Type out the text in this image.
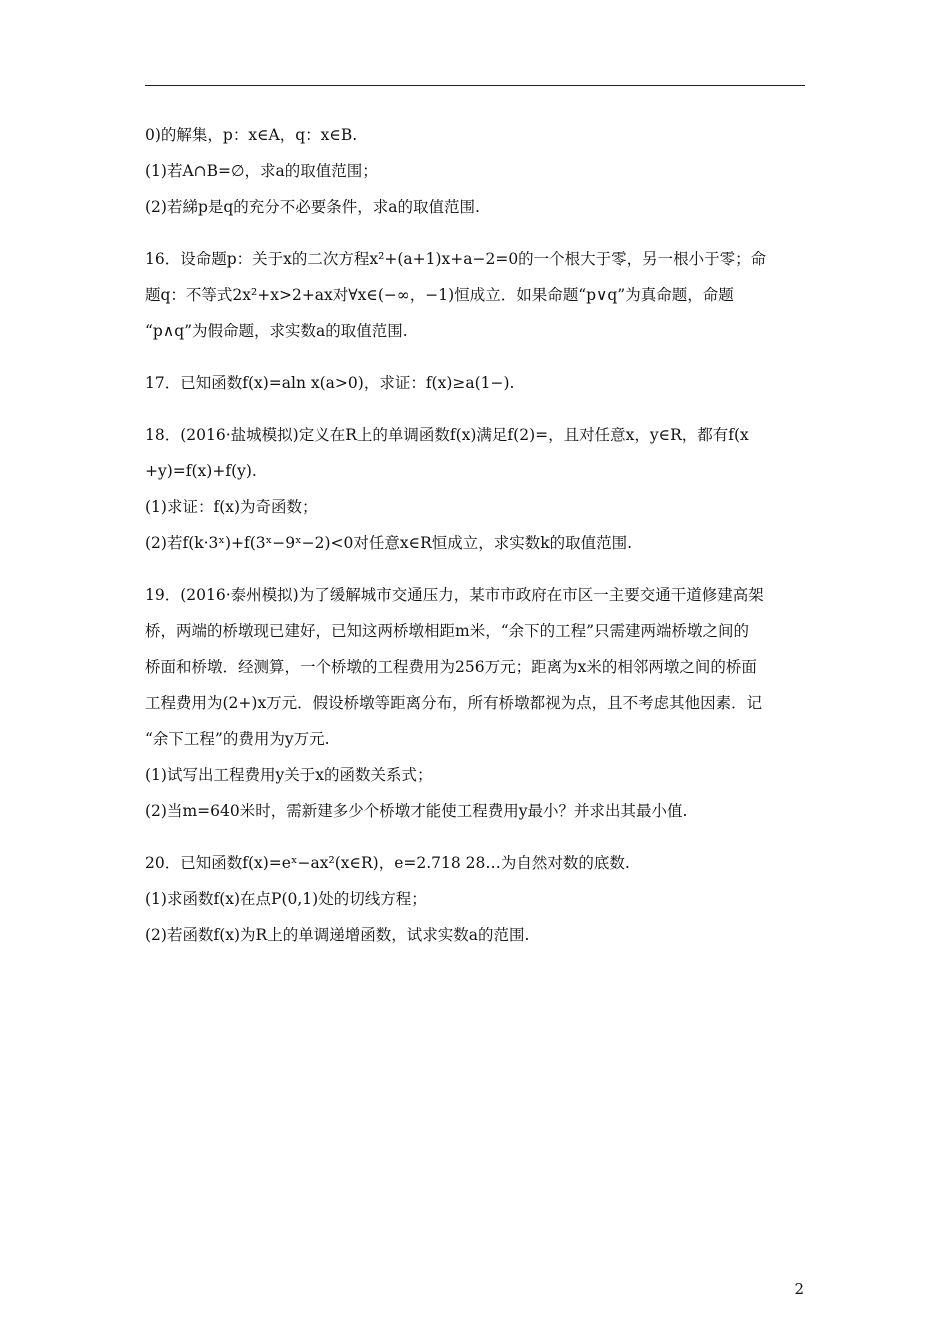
0)的解集，p：x∈A，q：x∈B.
(1)若A∩B=∅，求a的取值范围；
(2)若綈p是q的充分不必要条件，求a的取值范围.
16．设命题p：关于x的二次方程x²+(a+1)x+a−2=0的一个根大于零，另一根小于零；命
题q：不等式2x²+x>2+ax对∀x∈(−∞，−1)恒成立．如果命题“p∨q”为真命题，命题
“p∧q”为假命题，求实数a的取值范围.
17．已知函数f(x)=aln x(a>0)，求证：f(x)≥a(1−).
18．(2016·盐城模拟)定义在R上的单调函数f(x)满足f(2)=，且对任意x，y∈R，都有f(x
+y)=f(x)+f(y).
(1)求证：f(x)为奇函数；
(2)若f(k·3ˣ)+f(3ˣ−9ˣ−2)<0对任意x∈R恒成立，求实数k的取值范围.
19．(2016·泰州模拟)为了缓解城市交通压力，某市市政府在市区一主要交通干道修建高架
桥，两端的桥墩现已建好，已知这两桥墩相距m米，“余下的工程”只需建两端桥墩之间的
桥面和桥墩．经测算，一个桥墩的工程费用为256万元；距离为x米的相邻两墩之间的桥面
工程费用为(2+)x万元．假设桥墩等距离分布，所有桥墩都视为点，且不考虑其他因素．记
“余下工程”的费用为y万元.
(1)试写出工程费用y关于x的函数关系式；
(2)当m=640米时，需新建多少个桥墩才能使工程费用y最小？并求出其最小值.
20．已知函数f(x)=eˣ−ax²(x∈R)，e=2.718 28…为自然对数的底数.
(1)求函数f(x)在点P(0,1)处的切线方程；
(2)若函数f(x)为R上的单调递增函数，试求实数a的范围.
2
